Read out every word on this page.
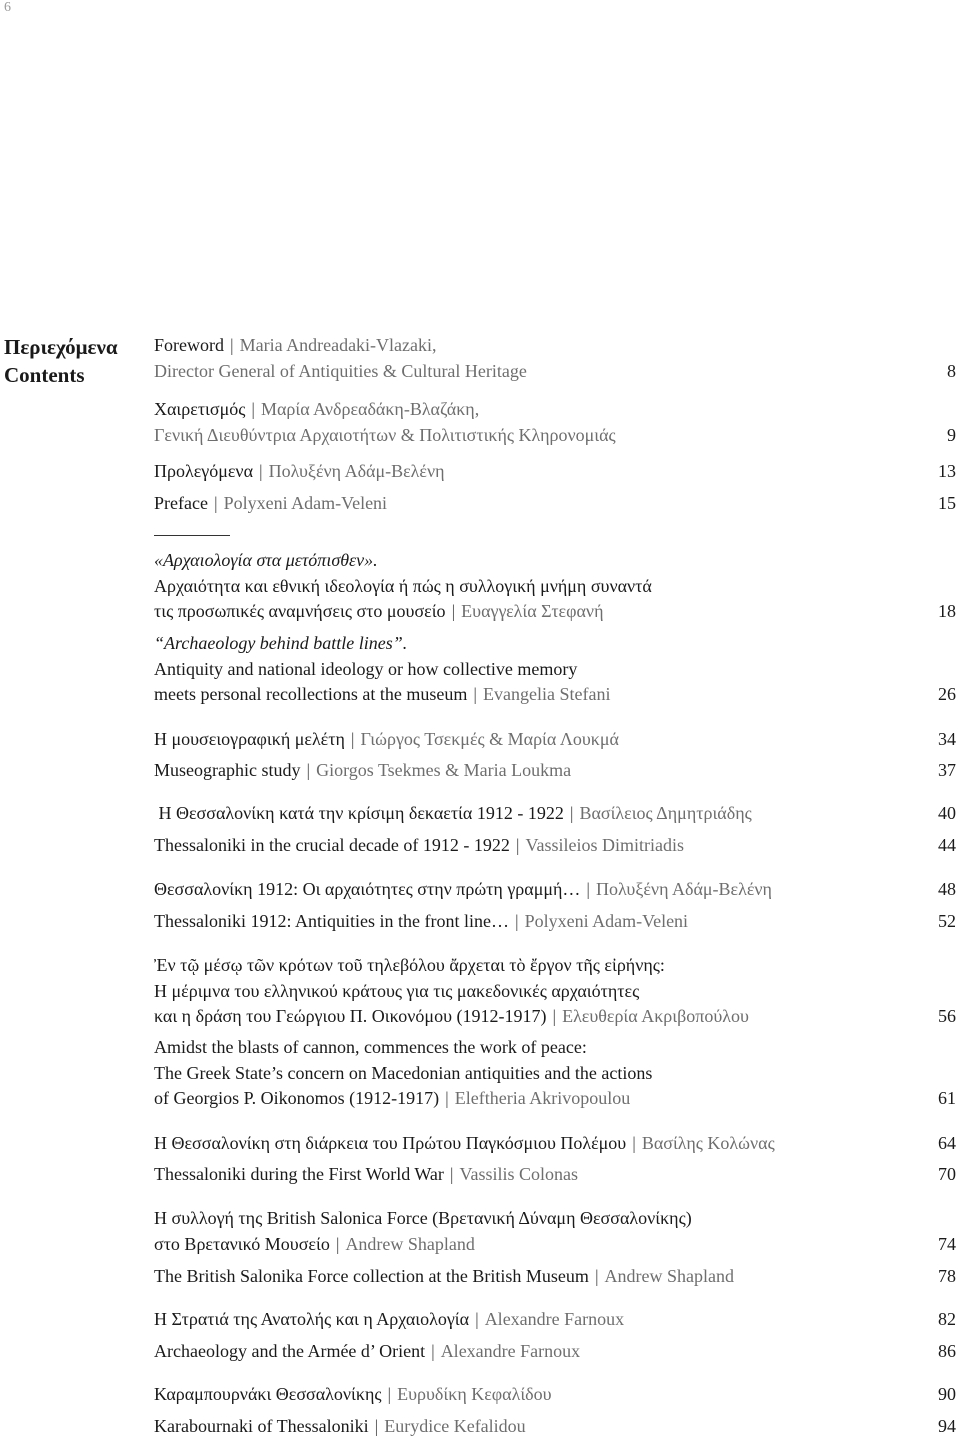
6
Περιεχόμενα
Contents
Foreword | Maria Andreadaki-Vlazaki,
Director General of Antiquities & Cultural Heritage	8
Χαιρετισμός | Μαρία Ανδρεαδάκη-Βλαζάκη,
Γενική Διευθύντρια Αρχαιοτήτων & Πολιτιστικής Κληρονομιάς	9
Προλεγόμενα | Πολυξένη Αδάμ-Βελένη	13
Preface | Polyxeni Adam-Veleni	15
«Αρχαιολογία στα μετόπισθεν».
Αρχαιότητα και εθνική ιδεολογία ή πώς η συλλογική μνήμη συναντά
τις προσωπικές αναμνήσεις στο μουσείο | Ευαγγελία Στεφανή	18
“Archaeology behind battle lines”.
Antiquity and national ideology or how collective memory
meets personal recollections at the museum | Evangelia Stefani	26
Η μουσειογραφική μελέτη | Γιώργος Τσεκμές & Μαρία Λουκμά	34
Museographic study | Giorgos Tsekmes & Maria Loukma	37
Η Θεσσαλονίκη κατά την κρίσιμη δεκαετία 1912 - 1922 | Βασίλειος Δημητριάδης	40
Thessaloniki in the crucial decade of 1912 - 1922 | Vassileios Dimitriadis	44
Θεσσαλονίκη 1912: Οι αρχαιότητες στην πρώτη γραμμή… | Πολυξένη Αδάμ-Βελένη	48
Thessaloniki 1912: Antiquities in the front line… | Polyxeni Adam-Veleni	52
Ἐν τῷ μέσῳ τῶν κρότων τοῦ τηλεβόλου ἄρχεται τὸ ἔργον τῆς εἰρήνης:
Η μέριμνα του ελληνικού κράτους για τις μακεδονικές αρχαιότητες
και η δράση του Γεώργιου Π. Οικονόμου (1912-1917) | Ελευθερία Ακριβοπούλου	56
Amidst the blasts of cannon, commences the work of peace:
The Greek State’s concern on Macedonian antiquities and the actions
of Georgios P. Oikonomos (1912-1917) | Eleftheria Akrivopoulou	61
Η Θεσσαλονίκη στη διάρκεια του Πρώτου Παγκόσμιου Πολέμου | Βασίλης Κολώνας	64
Thessaloniki during the First World War | Vassilis Colonas	70
Η συλλογή της British Salonica Force (Βρετανική Δύναμη Θεσσαλονίκης)
στο Βρετανικό Μουσείο | Andrew Shapland	74
The British Salonika Force collection at the British Museum | Andrew Shapland	78
Η Στρατιά της Ανατολής και η Αρχαιολογία | Alexandre Farnoux	82
Archaeology and the Armée d’ Orient | Alexandre Farnoux	86
Καραμπουρνάκι Θεσσαλονίκης | Ευρυδίκη Κεφαλίδου	90
Karabournaki of Thessaloniki | Eurydice Kefalidou	94
